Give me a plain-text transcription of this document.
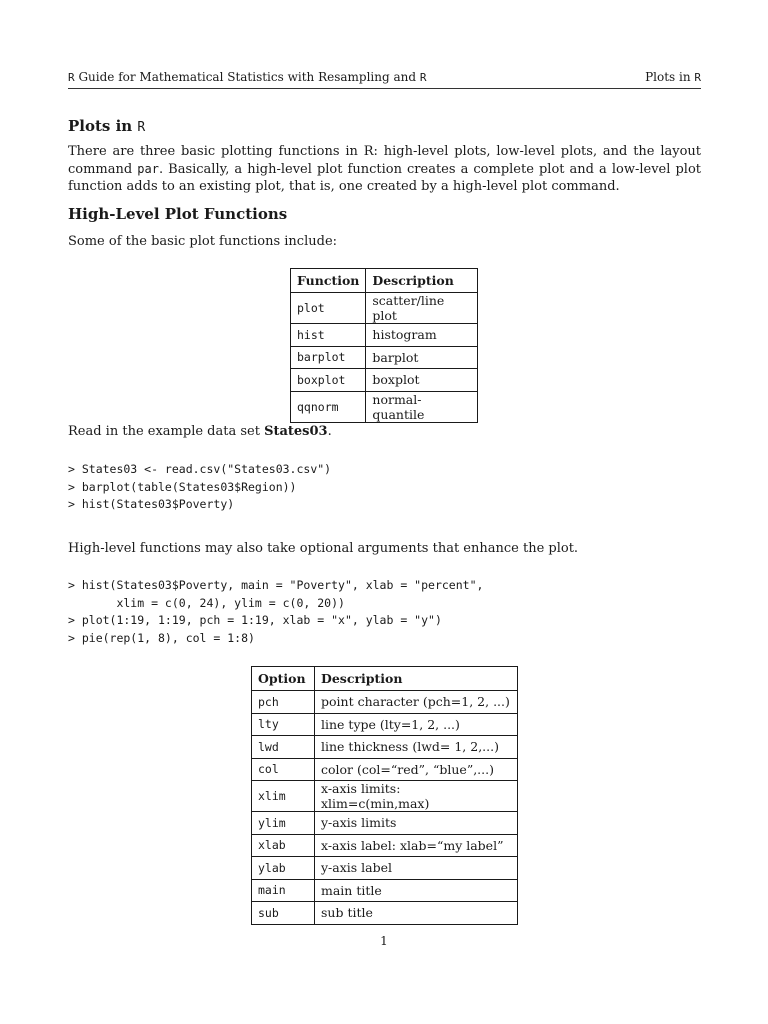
R Guide for Mathematical Statistics with Resampling and R	Plots in R
Plots in R
There are three basic plotting functions in R: high-level plots, low-level plots, and the layout command par. Basically, a high-level plot function creates a complete plot and a low-level plot function adds to an existing plot, that is, one created by a high-level plot command.
High-Level Plot Functions
Some of the basic plot functions include:
Function	Description
plot	scatter/line plot
hist	histogram
barplot	barplot
boxplot	boxplot
qqnorm	normal-quantile
Read in the example data set States03.
> States03 <- read.csv("States03.csv")
> barplot(table(States03$Region))
> hist(States03$Poverty)
High-level functions may also take optional arguments that enhance the plot.
> hist(States03$Poverty, main = "Poverty", xlab = "percent",
xlim = c(0, 24), ylim = c(0, 20))
> plot(1:19, 1:19, pch = 1:19, xlab = "x", ylab = "y")
> pie(rep(1, 8), col = 1:8)
Option	Description
pch	point character (pch=1, 2, ...)
lty	line type (lty=1, 2, ...)
lwd	line thickness (lwd= 1, 2,...)
col	color (col=“red”, “blue”,...)
xlim	x-axis limits: xlim=c(min,max)
ylim	y-axis limits
xlab	x-axis label: xlab=“my label”
ylab	y-axis label
main	main title
sub	sub title
1
